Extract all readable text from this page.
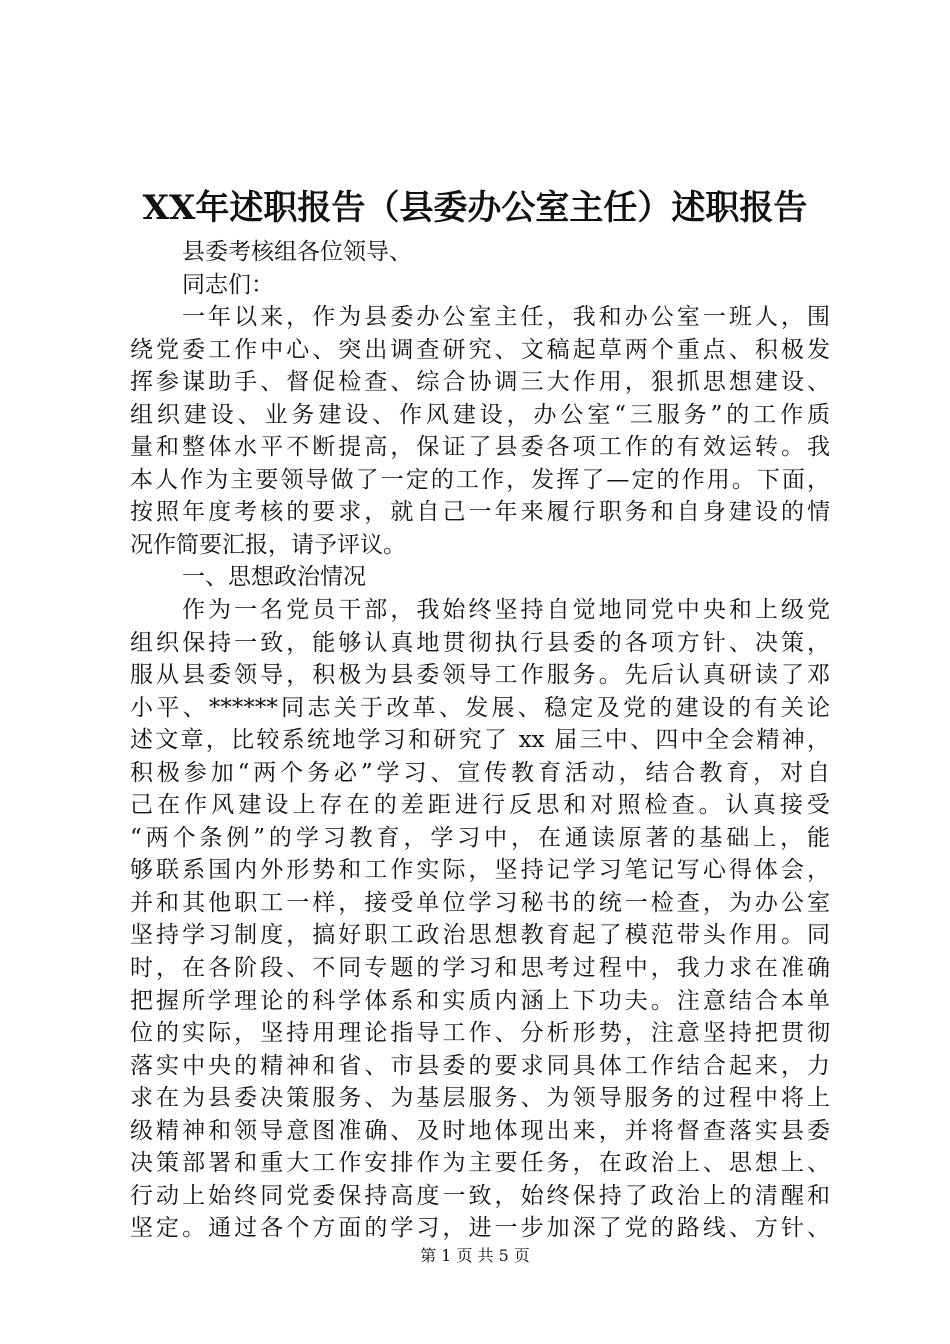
XX年述职报告（县委办公室主任）述职报告
县委考核组各位领导、
同志们：
一年以来，作为县委办公室主任，我和办公室一班人，围
绕党委工作中心、突出调查研究、文稿起草两个重点、积极发
挥参谋助手、督促检查、综合协调三大作用，狠抓思想建设、
组织建设、业务建设、作风建设，办公室“三服务”的工作质
量和整体水平不断提高，保证了县委各项工作的有效运转。我
本人作为主要领导做了一定的工作，发挥了—定的作用。下面，
按照年度考核的要求，就自己一年来履行职务和自身建设的情
况作简要汇报，请予评议。
一、思想政治情况
作为一名党员干部，我始终坚持自觉地同党中央和上级党
组织保持一致，能够认真地贯彻执行县委的各项方针、决策，
服从县委领导，积极为县委领导工作服务。先后认真研读了邓
小平、******同志关于改革、发展、稳定及党的建设的有关论
述文章，比较系统地学习和研究了 xx 届三中、四中全会精神，
积极参加“两个务必”学习、宣传教育活动，结合教育，对自
己在作风建设上存在的差距进行反思和对照检查。认真接受
“两个条例”的学习教育，学习中，在通读原著的基础上，能
够联系国内外形势和工作实际，坚持记学习笔记写心得体会，
并和其他职工一样，接受单位学习秘书的统一检查，为办公室
坚持学习制度，搞好职工政治思想教育起了模范带头作用。同
时，在各阶段、不同专题的学习和思考过程中，我力求在准确
把握所学理论的科学体系和实质内涵上下功夫。注意结合本单
位的实际，坚持用理论指导工作、分析形势，注意坚持把贯彻
落实中央的精神和省、市县委的要求同具体工作结合起来，力
求在为县委决策服务、为基层服务、为领导服务的过程中将上
级精神和领导意图准确、及时地体现出来，并将督查落实县委
决策部署和重大工作安排作为主要任务，在政治上、思想上、
行动上始终同党委保持高度一致，始终保持了政治上的清醒和
坚定。通过各个方面的学习，进一步加深了党的路线、方针、
第 1 页 共 5 页
